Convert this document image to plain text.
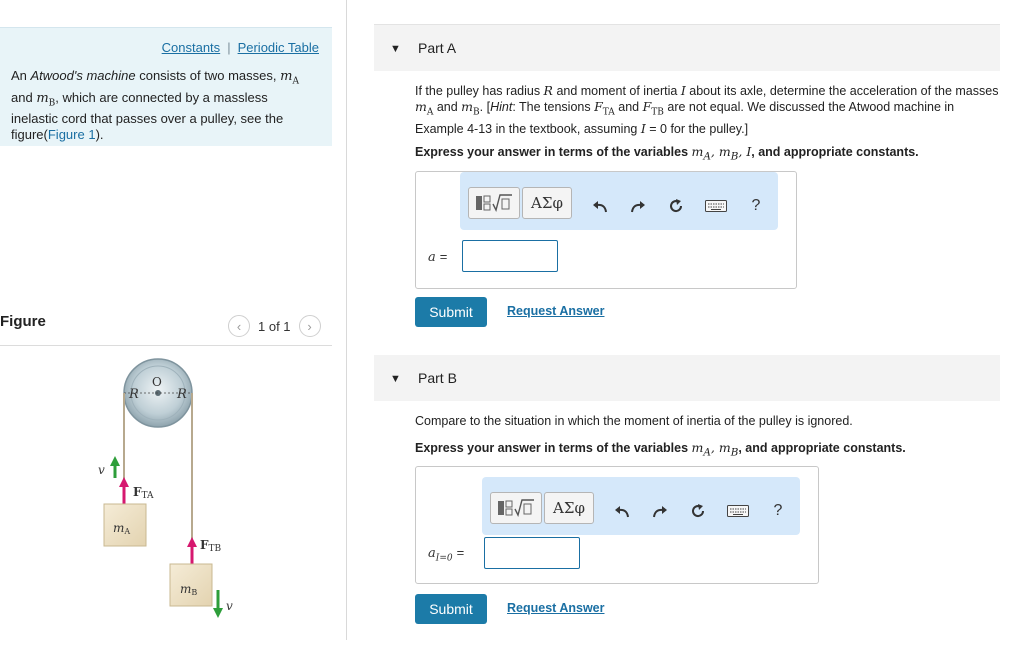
Constants | Periodic Table
An Atwood's machine consists of two masses, $m_A$ and $m_B$, which are connected by a massless inelastic cord that passes over a pulley, see the figure(Figure 1).
Figure	‹	1 of 1	›
R
O
R
v
FTA
mA
FTB
mB
v
▼ Part A
If the pulley has radius R and moment of inertia I about its axle, determine the acceleration of the masses $m_A$ and $m_B$. [Hint: The tensions $F_{TA}$ and $F_{TB}$ are not equal. We discussed the Atwood machine in Example 4-13 in the textbook, assuming I = 0 for the pulley.]
Express your answer in terms of the variables $m_A$, $m_B$, I, and appropriate constants.
ΑΣφ	?
a =
Submit	Request Answer
▼ Part B
Compare to the situation in which the moment of inertia of the pulley is ignored.
Express your answer in terms of the variables $m_A$, $m_B$, and appropriate constants.
ΑΣφ	?
$a_{I=0}$ =
Submit	Request Answer
